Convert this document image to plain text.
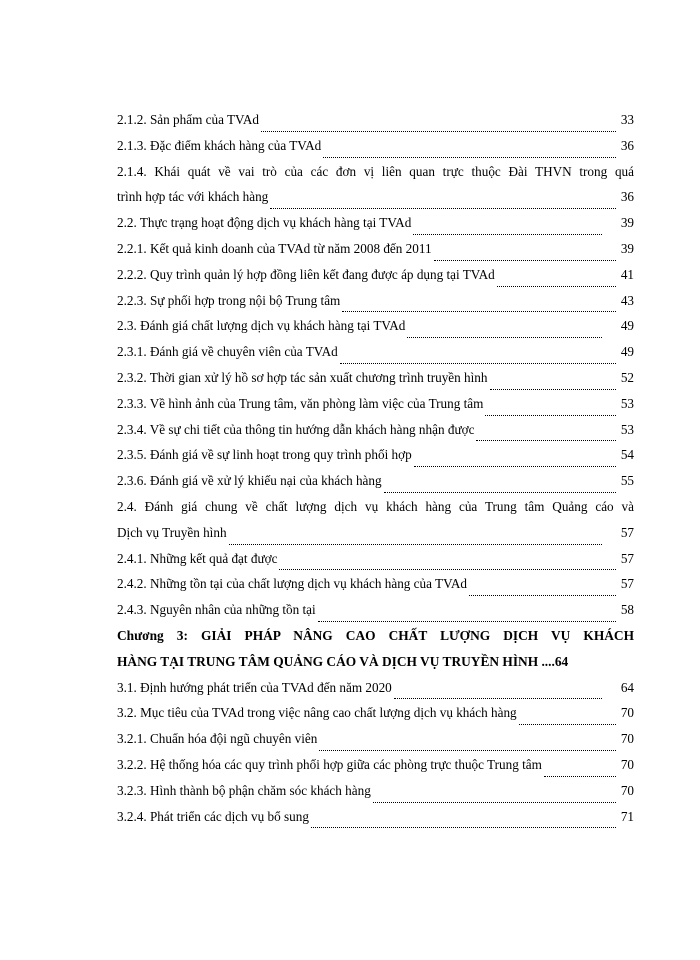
2.1.2. Sản phẩm của TVAd	33
2.1.3. Đặc điểm khách hàng của TVAd	36
2.1.4. Khái quát về vai trò của các đơn vị liên quan trực thuộc Đài THVN trong quá
trình hợp tác với khách hàng	36
2.2. Thực trạng hoạt động dịch vụ khách hàng tại TVAd	39
2.2.1. Kết quả kinh doanh của TVAd từ năm 2008 đến 2011	39
2.2.2. Quy trình quản lý hợp đồng liên kết đang được áp dụng tại TVAd	41
2.2.3. Sự phối hợp trong nội bộ Trung tâm	43
2.3. Đánh giá chất lượng dịch vụ khách hàng tại TVAd	49
2.3.1. Đánh giá về chuyên viên của TVAd	49
2.3.2. Thời gian xử lý hồ sơ hợp tác sản xuất chương trình truyền hình	52
2.3.3. Về hình ảnh của Trung tâm, văn phòng làm việc của Trung tâm	53
2.3.4. Về sự chi tiết của thông tin hướng dẫn khách hàng nhận được	53
2.3.5. Đánh giá về sự linh hoạt trong quy trình phối hợp	54
2.3.6. Đánh giá về xử lý khiếu nại của khách hàng	55
2.4. Đánh giá chung về chất lượng dịch vụ khách hàng của Trung tâm Quảng cáo và
Dịch vụ Truyền hình	57
2.4.1. Những kết quả đạt được	57
2.4.2. Những tồn tại của chất lượng dịch vụ khách hàng của TVAd	57
2.4.3. Nguyên nhân của những tồn tại	58
Chương 3: GIẢI PHÁP NÂNG CAO CHẤT LƯỢNG DỊCH VỤ KHÁCH
HÀNG TẠI TRUNG TÂM QUẢNG CÁO VÀ DỊCH VỤ TRUYỀN HÌNH .... 64
3.1. Định hướng phát triển của TVAd đến năm 2020	64
3.2. Mục tiêu của TVAd trong việc nâng cao chất lượng dịch vụ khách hàng	70
3.2.1. Chuẩn hóa đội ngũ chuyên viên	70
3.2.2. Hệ thống hóa các quy trình phối hợp giữa các phòng trực thuộc Trung tâm	70
3.2.3. Hình thành bộ phận chăm sóc khách hàng	70
3.2.4. Phát triển các dịch vụ bổ sung	71
